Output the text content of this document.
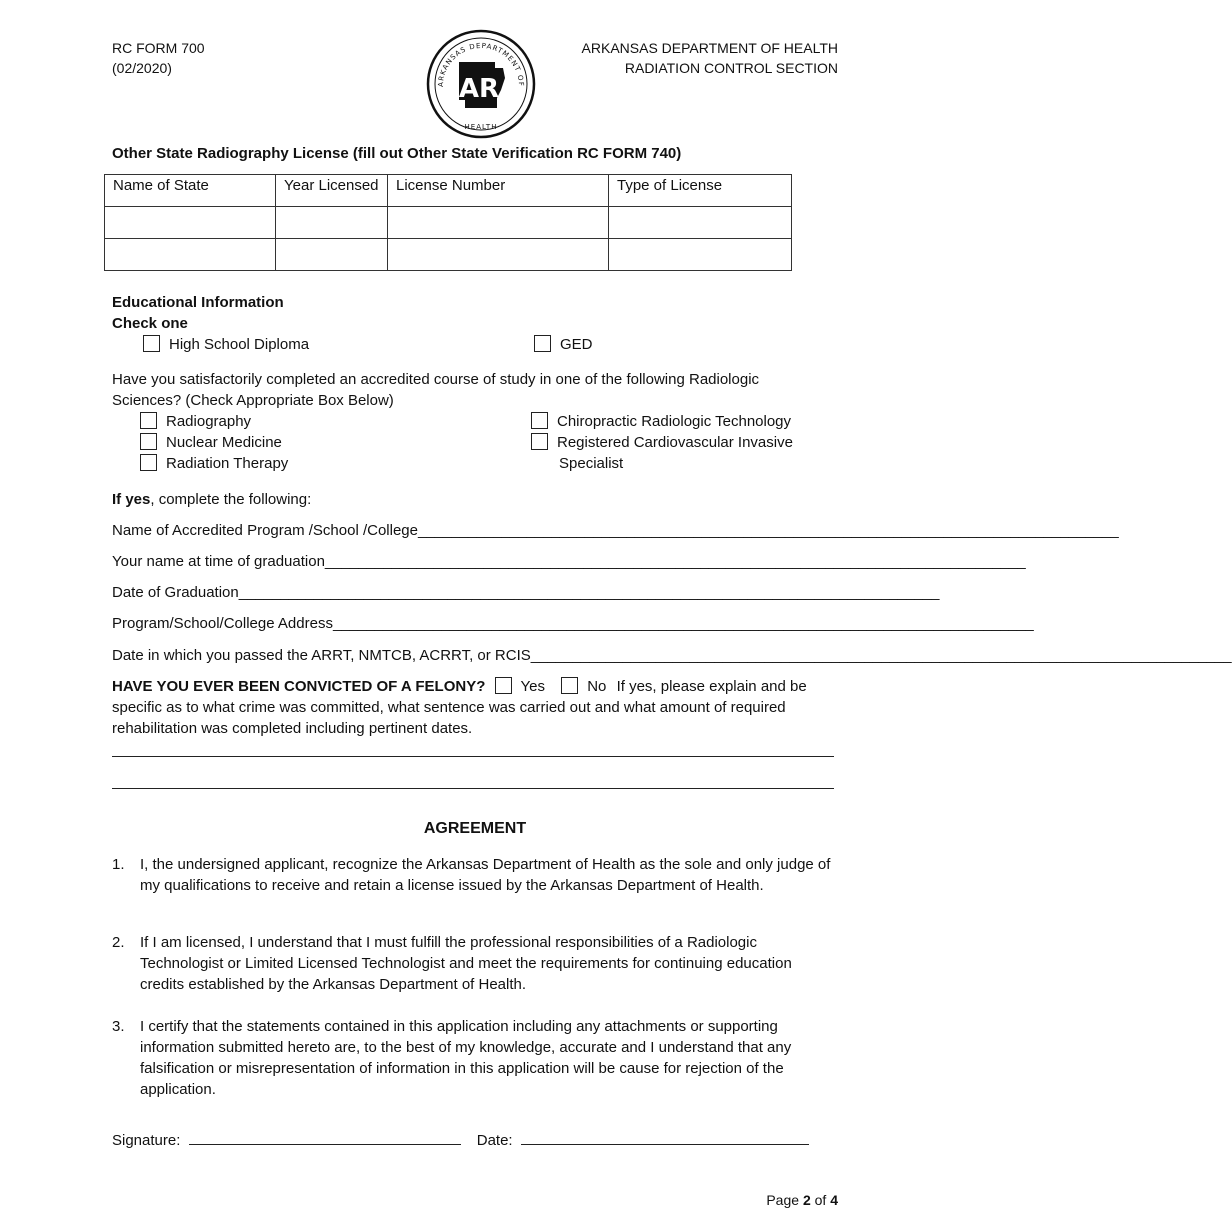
RC FORM 700
(02/2020)
ARKANSAS DEPARTMENT OF
HEALTH
AR
ARKANSAS DEPARTMENT OF HEALTH
RADIATION CONTROL SECTION
Other State Radiography License (fill out Other State Verification RC FORM 740)
Name of State	Year Licensed	License Number	Type of License

Educational Information
Check one
High School Diploma	GED
Have you satisfactorily completed an accredited course of study in one of the following Radiologic Sciences? (Check Appropriate Box Below)
Radiography
Nuclear Medicine
Radiation Therapy
Chiropractic Radiologic Technology
Registered Cardiovascular Invasive
Specialist
If yes, complete the following:
Name of Accredited Program /School /College____________________________________________________________________________________
Your name at time of graduation____________________________________________________________________________________
Date of Graduation____________________________________________________________________________________
Program/School/College Address____________________________________________________________________________________
Date in which you passed the ARRT, NMTCB, ACRRT, or RCIS____________________________________________________________________________________
HAVE YOU EVER BEEN CONVICTED OF A FELONY? Yes	No If yes, please explain and be
specific as to what crime was committed, what sentence was carried out and what amount of required
rehabilitation was completed including pertinent dates.
AGREEMENT
1. I, the undersigned applicant, recognize the Arkansas Department of Health as the sole and only judge of my qualifications to receive and retain a license issued by the Arkansas Department of Health.
2. If I am licensed, I understand that I must fulfill the professional responsibilities of a Radiologic Technologist or Limited Licensed Technologist and meet the requirements for continuing education credits established by the Arkansas Department of Health.
3. I certify that the statements contained in this application including any attachments or supporting information submitted hereto are, to the best of my knowledge, accurate and I understand that any falsification or misrepresentation of information in this application will be cause for rejection of the application.
Signature:	Date:
Page 2 of 4
